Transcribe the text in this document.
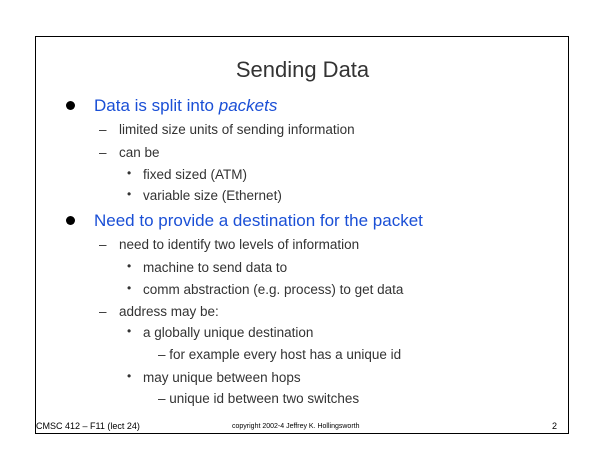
Sending Data
Data is split into packets
– limited size units of sending information
– can be
• fixed sized (ATM)
• variable size (Ethernet)
Need to provide a destination for the packet
– need to identify two levels of information
• machine to send data to
• comm abstraction (e.g. process) to get data
– address may be:
• a globally unique destination
– for example every host has a unique id
• may unique between hops
– unique id between two switches
CMSC 412 – F11 (lect 24)	copyright 2002-4 Jeffrey K. Hollingsworth	2
